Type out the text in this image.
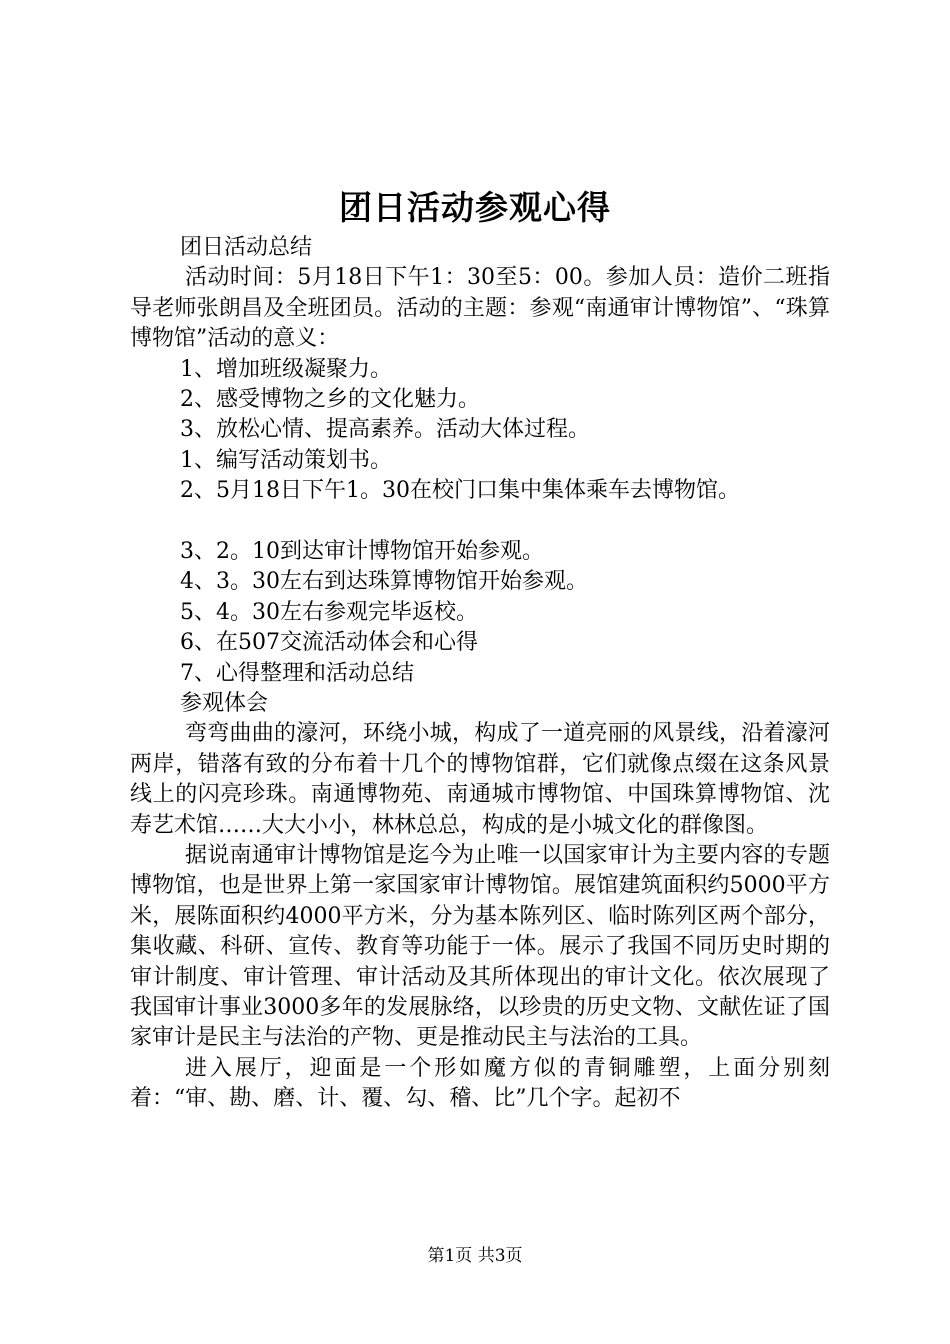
团日活动参观心得
团日活动总结

活动时间：5月18日下午1：30至5：00。参加人员：造价二班指导老师张朗昌及全班团员。活动的主题：参观“南通审计博物馆”、“珠算博物馆”活动的意义：

1、增加班级凝聚力。
2、感受博物之乡的文化魅力。
3、放松心情、提高素养。活动大体过程。
1、编写活动策划书。
2、5月18日下午1。30在校门口集中集体乘车去博物馆。
3、2。10到达审计博物馆开始参观。
4、3。30左右到达珠算博物馆开始参观。
5、4。30左右参观完毕返校。
6、在507交流活动体会和心得
7、心得整理和活动总结
参观体会

弯弯曲曲的濠河，环绕小城，构成了一道亮丽的风景线，沿着濠河两岸，错落有致的分布着十几个的博物馆群，它们就像点缀在这条风景线上的闪亮珍珠。南通博物苑、南通城市博物馆、中国珠算博物馆、沈寿艺术馆……大大小小，林林总总，构成的是小城文化的群像图。

据说南通审计博物馆是迄今为止唯一以国家审计为主要内容的专题博物馆，也是世界上第一家国家审计博物馆。展馆建筑面积约5000平方米，展陈面积约4000平方米，分为基本陈列区、临时陈列区两个部分，集收藏、科研、宣传、教育等功能于一体。展示了我国不同历史时期的审计制度、审计管理、审计活动及其所体现出的审计文化。依次展现了我国审计事业3000多年的发展脉络，以珍贵的历史文物、文献佐证了国家审计是民主与法治的产物、更是推动民主与法治的工具。

进入展厅，迎面是一个形如魔方似的青铜雕塑，上面分别刻着：“审、勘、磨、计、覆、勾、稽、比”几个字。起初不

第1页 共3页
